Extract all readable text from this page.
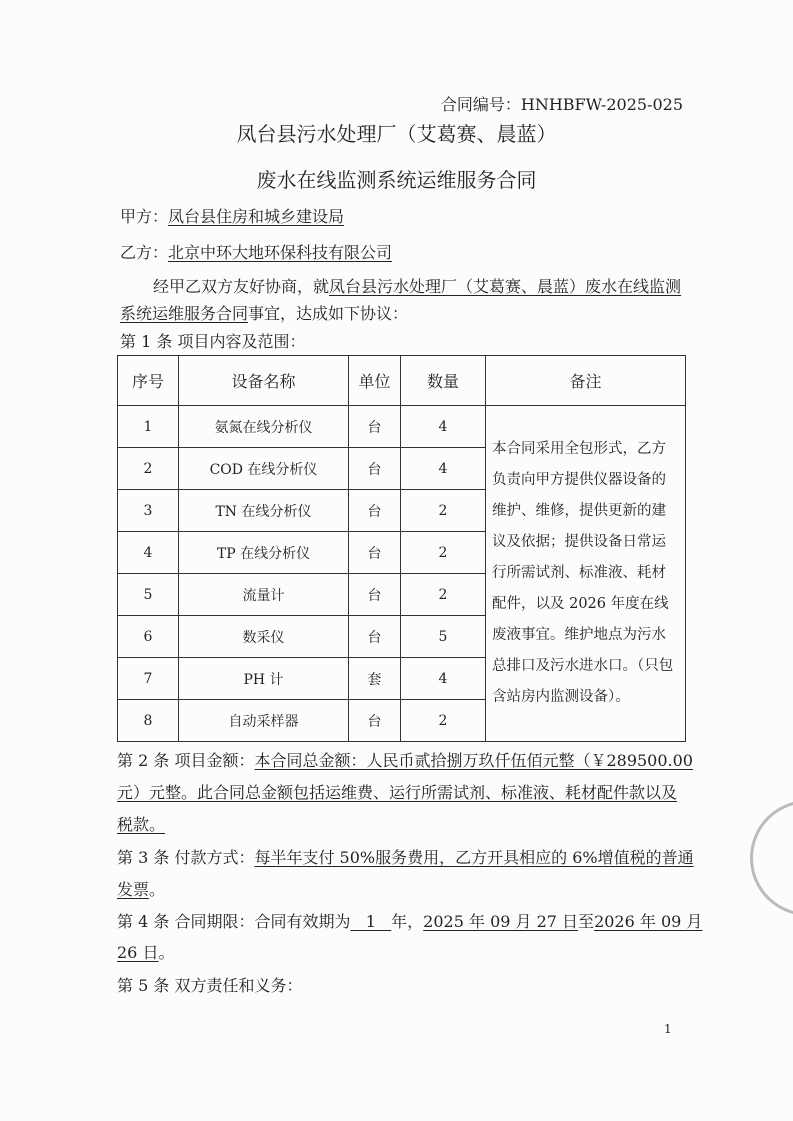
合同编号：HNHBFW-2025-025
凤台县污水处理厂（艾葛赛、晨蓝）
废水在线监测系统运维服务合同
甲方：凤台县住房和城乡建设局
乙方：北京中环大地环保科技有限公司
经甲乙双方友好协商，就凤台县污水处理厂（艾葛赛、晨蓝）废水在线监测
系统运维服务合同事宜，达成如下协议：
第 1 条 项目内容及范围：
序号	设备名称	单位	数量	备注
1	氨氮在线分析仪	台	4	本合同采用全包形式，乙方负责向甲方提供仪器设备的维护、维修，提供更新的建议及依据；提供设备日常运行所需试剂、标准液、耗材配件，以及 2026 年度在线废液事宜。维护地点为污水总排口及污水进水口。（只包含站房内监测设备）。
2	COD 在线分析仪	台	4	
3	TN 在线分析仪	台	2	
4	TP 在线分析仪	台	2	
5	流量计	台	2	
6	数采仪	台	5	
7	PH 计	套	4	
8	自动采样器	台	2	
第 2 条 项目金额：本合同总金额：人民币贰拾捌万玖仟伍佰元整（￥289500.00
元）元整。此合同总金额包括运维费、运行所需试剂、标准液、耗材配件款以及
税款。
第 3 条 付款方式：每半年支付 50%服务费用，乙方开具相应的 6%增值税的普通
发票。
第 4 条 合同期限：合同有效期为   1   年，2025 年 09 月 27 日至2026 年 09 月
26 日。
第 5 条 双方责任和义务：
1
